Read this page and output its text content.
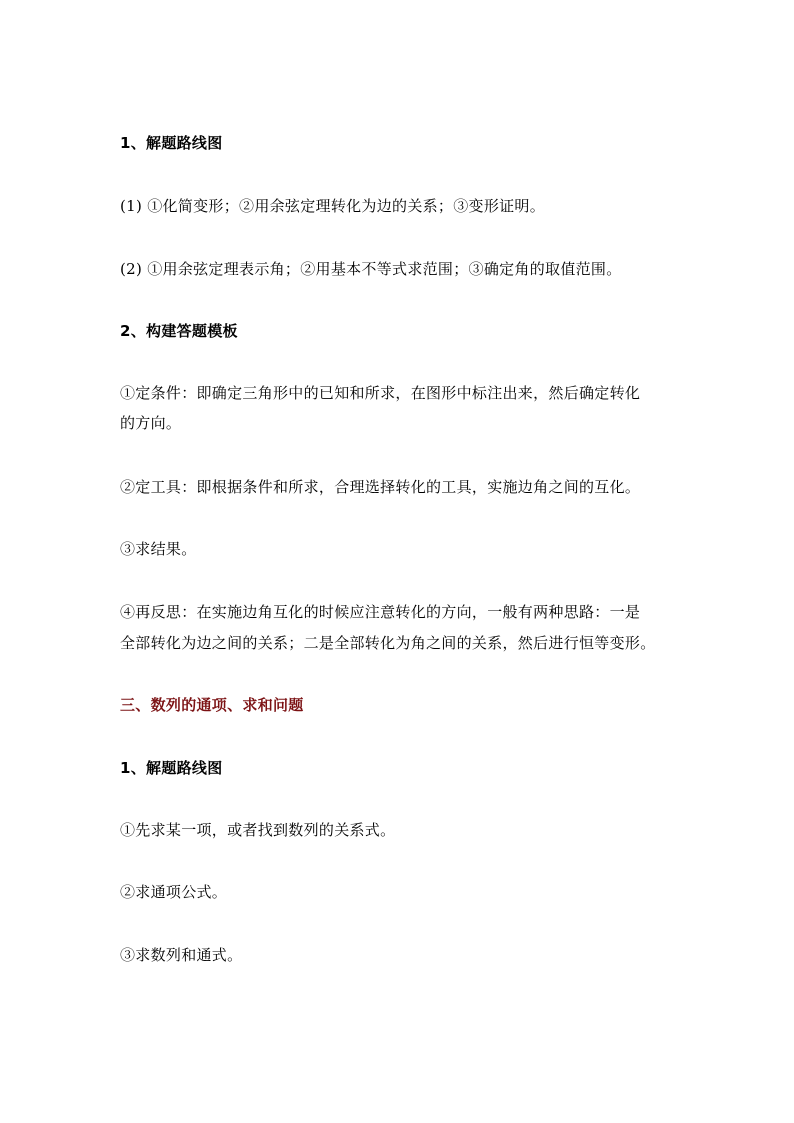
1、解题路线图
(1) ①化简变形；②用余弦定理转化为边的关系；③变形证明。
(2) ①用余弦定理表示角；②用基本不等式求范围；③确定角的取值范围。
2、构建答题模板
①定条件：即确定三角形中的已知和所求，在图形中标注出来，然后确定转化
的方向。
②定工具：即根据条件和所求，合理选择转化的工具，实施边角之间的互化。
③求结果。
④再反思：在实施边角互化的时候应注意转化的方向，一般有两种思路：一是
全部转化为边之间的关系；二是全部转化为角之间的关系，然后进行恒等变形。
三、数列的通项、求和问题
1、解题路线图
①先求某一项，或者找到数列的关系式。
②求通项公式。
③求数列和通式。
